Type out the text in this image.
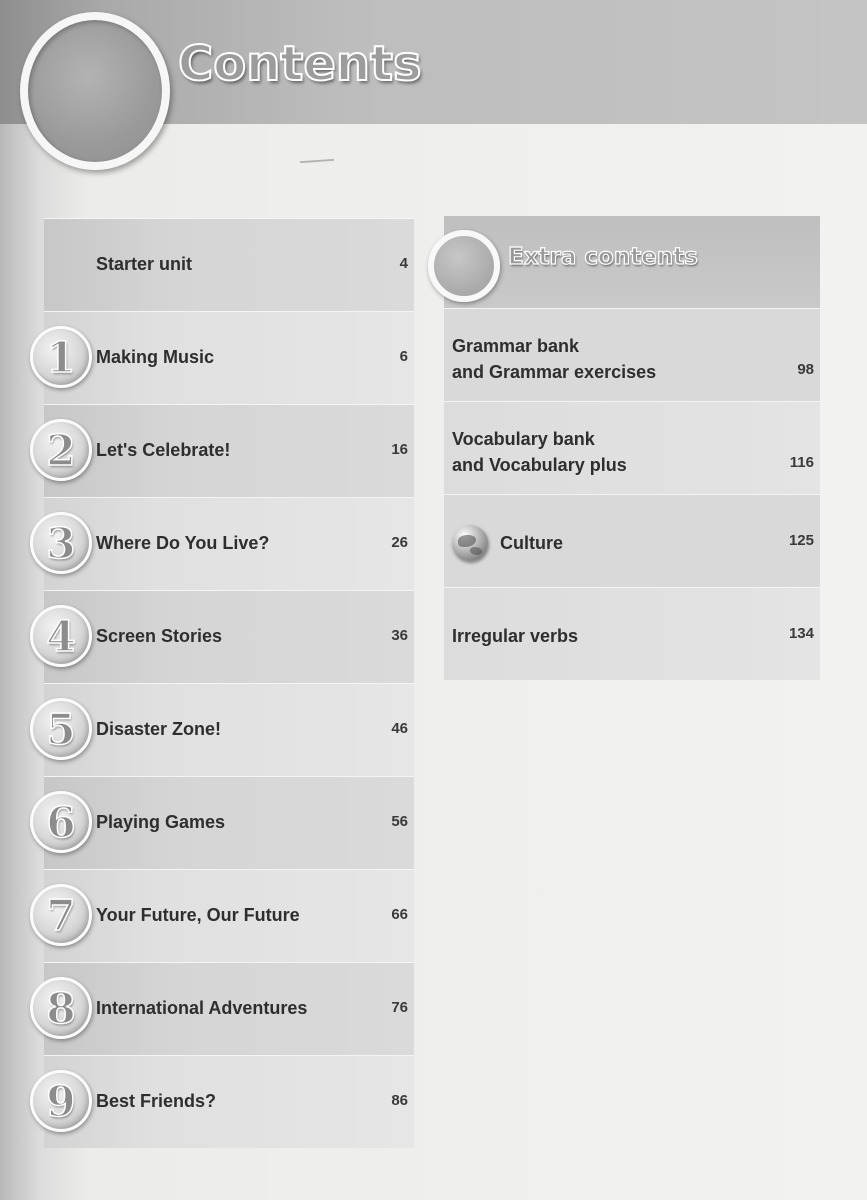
Contents
Starter unit	4
1	Making Music	6
2	Let's Celebrate!	16
3	Where Do You Live?	26
4	Screen Stories	36
5	Disaster Zone!	46
6	Playing Games	56
7	Your Future, Our Future	66
8	International Adventures	76
9	Best Friends?	86
Extra contents
Grammar bank
and Grammar exercises	98
Vocabulary bank
and Vocabulary plus	116
Culture	125
Irregular verbs	134
